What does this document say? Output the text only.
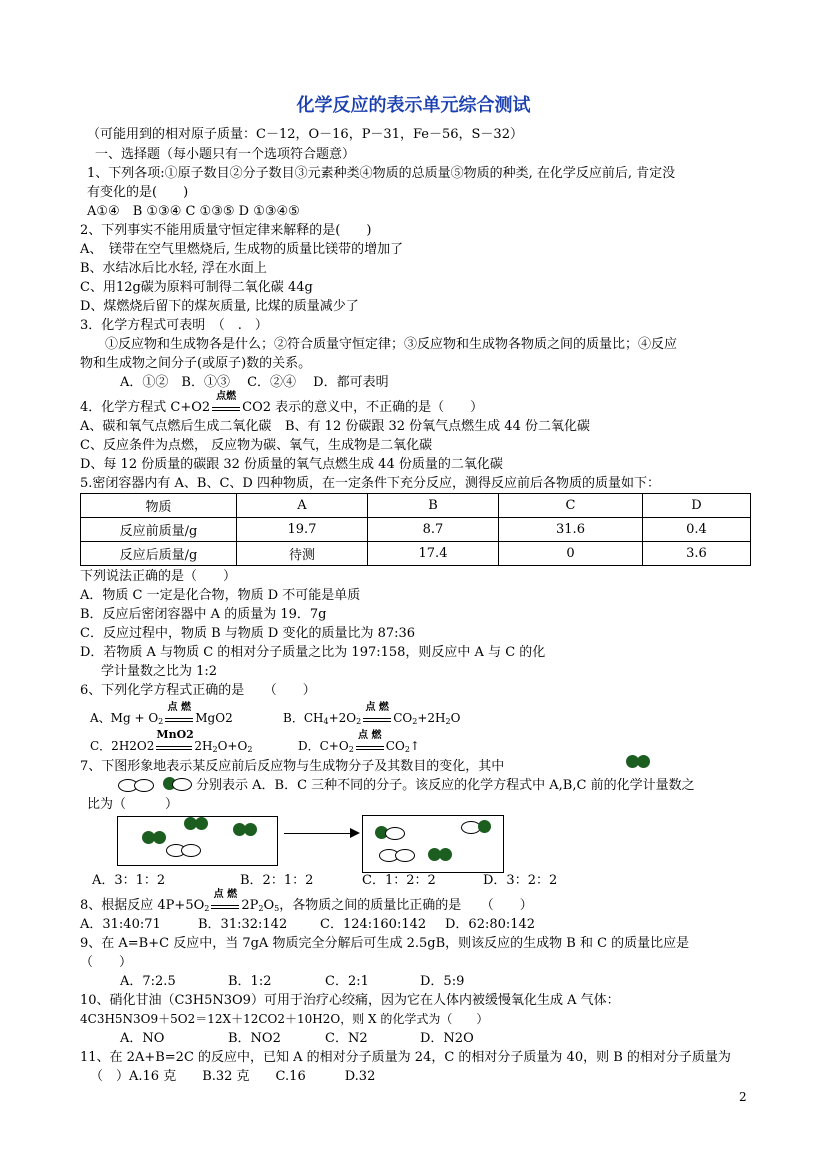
化学反应的表示单元综合测试
（可能用到的相对原子质量：C－12，O－16，P－31，Fe－56，S－32）
一、选择题（每小题只有一个选项符合题意）
1、下列各项:①原子数目②分子数目③元素种类④物质的总质量⑤物质的种类, 在化学反应前后, 肯定没
有变化的是(　　)
A①④　B ①③④ C ①③⑤ D ①③④⑤
2、下列事实不能用质量守恒定律来解释的是(　　)
A、　镁带在空气里燃烧后, 生成物的质量比镁带的增加了
B、水结冰后比水轻, 浮在水面上
C、用12g碳为原料可制得二氧化碳 44g
D、煤燃烧后留下的煤灰质量, 比煤的质量减少了
3．化学方程式可表明　（　.　）
①反应物和生成物各是什么；②符合质量守恒定律；③反应物和生成物各物质之间的质量比；④反应
物和生成物之间分子(或原子)数的关系。
A．①②　B．①③　 C．②④　 D．都可表明
4．化学方程式 C+O2
点燃
CO2 表示的意义中，不正确的是（　　）
A、碳和氧气点燃后生成二氧化碳 B、有 12 份碳跟 32 份氧气点燃生成 44 份二氧化碳
C、反应条件为点燃， 反应物为碳、氧气，生成物是二氧化碳
D、每 12 份质量的碳跟 32 份质量的氧气点燃生成 44 份质量的二氧化碳
5.密闭容器内有 A、B、C、D 四种物质，在一定条件下充分反应，测得反应前后各物质的质量如下：
物质	A	B	C	D
反应前质量/g	19.7	8.7	31.6	0.4
反应后质量/g	待测	17.4	0	3.6
下列说法正确的是（　　）
A．物质 C 一定是化合物，物质 D 不可能是单质
B．反应后密闭容器中 A 的质量为 19．7g
C．反应过程中，物质 B 与物质 D 变化的质量比为 87:36
D．若物质 A 与物质 C 的相对分子质量之比为 197:158，则反应中 A 与 C 的化
学计量数之比为 1:2
6、下列化学方程式正确的是　　（　　）
A、$Mg + O_2$
点 燃
MgO2	B．$CH_4+2O_2$
点 燃
$CO_2+2H_2O$
C．2H2O2
MnO2
$2H_2O+O_2$	D．$C+O_2$
点 燃
$CO_2↑$
7、下图形象地表示某反应前后反应物与生成物分子及其数目的变化，其中
分别表示 A．B．C 三种不同的分子。该反应的化学方程式中 A,B,C 前的化学计量数之
比为（　　　）
A．3：1：2	B．2：1：2	C．1：2：2	D．3：2：2
8、根据反应 $4P+5O_2$
点 燃
$2P_2O_5$，各物质之间的质量比正确的是　　（　　）
A．31:40:71	B．31:32:142	C．124:160:142 D．62:80:142
9、在 A=B+C 反应中，当 7gA 物质完全分解后可生成 2.5gB，则该反应的生成物 B 和 C 的质量比应是
（　　）
A．7:2.5	B．1:2	C．2:1	D．5:9
10、硝化甘油（C3H5N3O9）可用于治疗心绞痛，因为它在人体内被缓慢氧化生成 A 气体：
4C3H5N3O9＋5O2＝12X＋12CO2＋10H2O，则 X 的化学式为（　　）
A．NO	B．NO2	C．N2	D．N2O
11、在 2A+B=2C 的反应中，已知 A 的相对分子质量为 24，C 的相对分子质量为 40，则 B 的相对分子质量为
（　）A.16 克　　B.32 克　　C.16　　　D.32
2
